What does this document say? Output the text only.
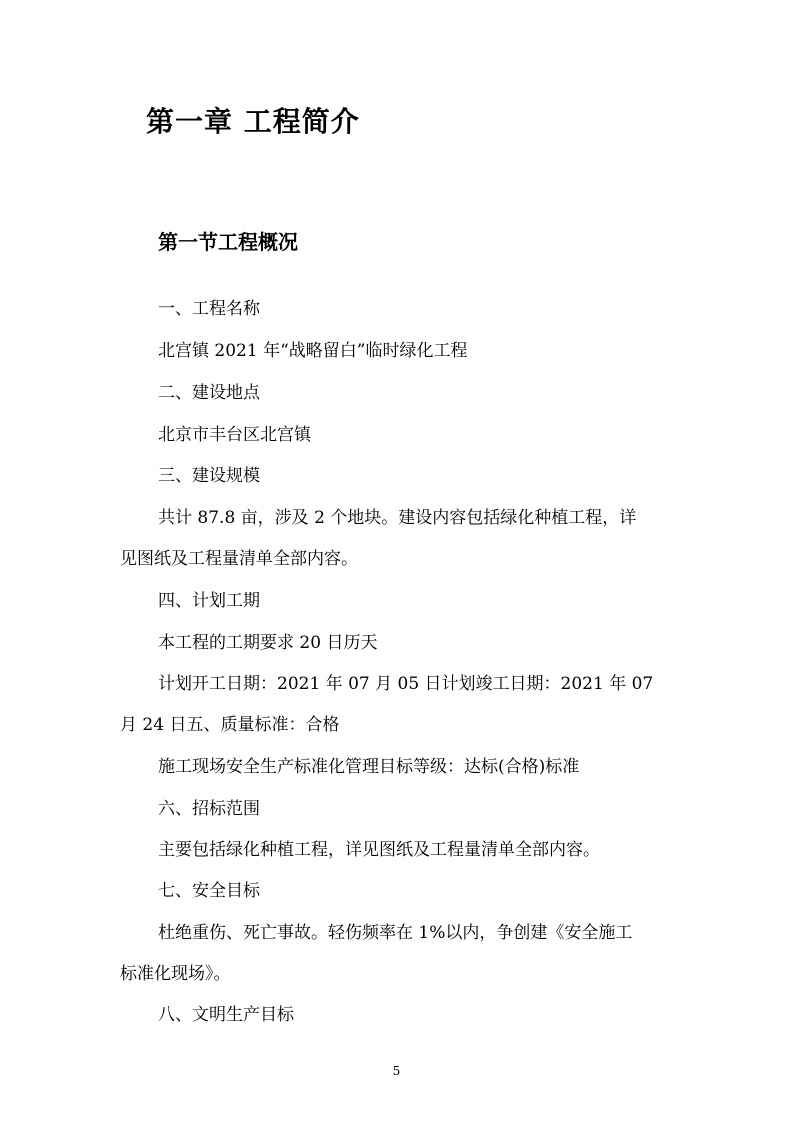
第一章 工程简介
第一节工程概况
一、工程名称
北宫镇 2021 年“战略留白”临时绿化工程
二、建设地点
北京市丰台区北宫镇
三、建设规模
共计 87.8 亩，涉及 2 个地块。建设内容包括绿化种植工程，详
见图纸及工程量清单全部内容。
四、计划工期
本工程的工期要求 20 日历天
计划开工日期：2021 年 07 月 05 日计划竣工日期：2021 年 07
月 24 日五、质量标准：合格
施工现场安全生产标准化管理目标等级：达标(合格)标准
六、招标范围
主要包括绿化种植工程，详见图纸及工程量清单全部内容。
七、安全目标
杜绝重伤、死亡事故。轻伤频率在 1%以内，争创建《安全施工
标准化现场》。
八、文明生产目标
5
